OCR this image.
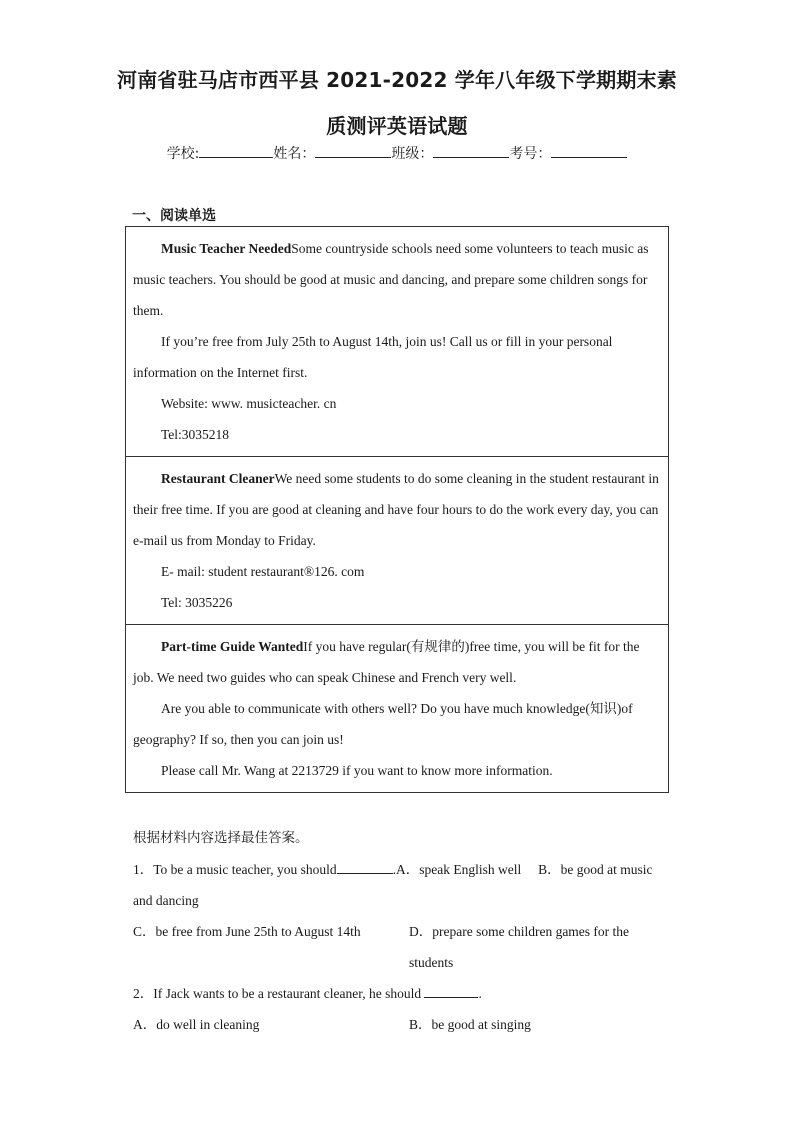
河南省驻马店市西平县 2021-2022 学年八年级下学期期末素
质测评英语试题
学校:	姓名：	班级：	考号：
一、阅读单选

Music Teacher NeededSome countryside schools need some volunteers to teach music as music teachers. You should be good at music and dancing, and prepare some children songs for them.

If you’re free from July 25th to August 14th, join us! Call us or fill in your personal information on the Internet first.

Website: www. musicteacher. cn

Tel:3035218

Restaurant CleanerWe need some students to do some cleaning in the student restaurant in their free time. If you are good at cleaning and have four hours to do the work every day, you can e-mail us from Monday to Friday.

E- mail: student restaurant®126. com

Tel: 3035226

Part-time Guide WantedIf you have regular(有规律的)free time, you will be fit for the job. We need two guides who can speak Chinese and French very well.

Are you able to communicate with others well? Do you have much knowledge(知识)of geography? If so, then you can join us!

Please call Mr. Wang at 2213729 if you want to know more information.

根据材料内容选择最佳答案。

1．To be a music teacher, you should	.A．speak English well B．be good at music and dancing

C．be free from June 25th to August 14th	D．prepare some children games for the students

2．If Jack wants to be a restaurant cleaner, he should	.

A．do well in cleaning	B．be good at singing
